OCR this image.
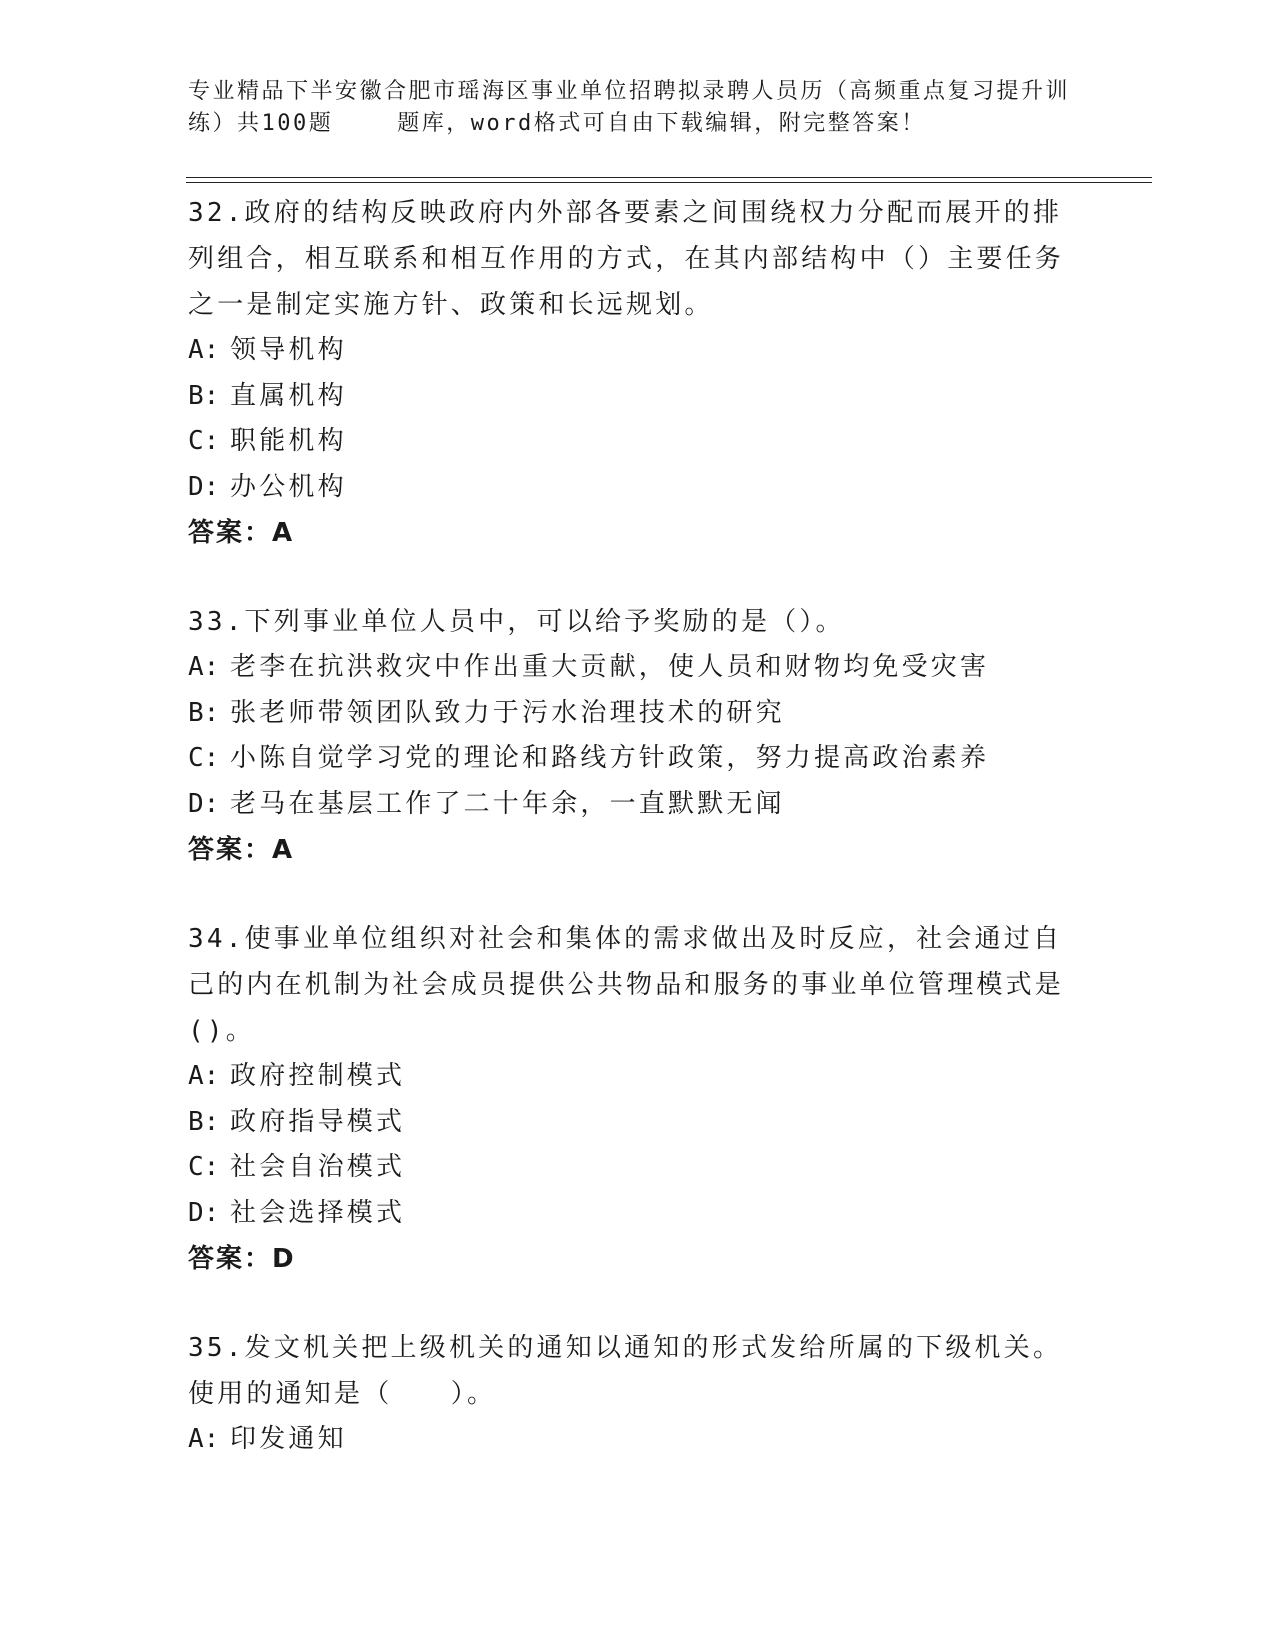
专业精品下半安徽合肥市瑶海区事业单位招聘拟录聘人员历（高频重点复习提升训
练）共100题	题库，word格式可自由下载编辑，附完整答案！
32.政府的结构反映政府内外部各要素之间围绕权力分配而展开的排列组合，相互联系和相互作用的方式，在其内部结构中（）主要任务之一是制定实施方针、政策和长远规划。
A: 领导机构
B: 直属机构
C: 职能机构
D: 办公机构
答案：A
33.下列事业单位人员中，可以给予奖励的是（）。
A: 老李在抗洪救灾中作出重大贡献，使人员和财物均免受灾害
B: 张老师带领团队致力于污水治理技术的研究
C: 小陈自觉学习党的理论和路线方针政策，努力提高政治素养
D: 老马在基层工作了二十年余，一直默默无闻
答案：A
34.使事业单位组织对社会和集体的需求做出及时反应，社会通过自己的内在机制为社会成员提供公共物品和服务的事业单位管理模式是()。
A: 政府控制模式
B: 政府指导模式
C: 社会自治模式
D: 社会选择模式
答案：D
35.发文机关把上级机关的通知以通知的形式发给所属的下级机关。使用的通知是（　　）。
A: 印发通知
